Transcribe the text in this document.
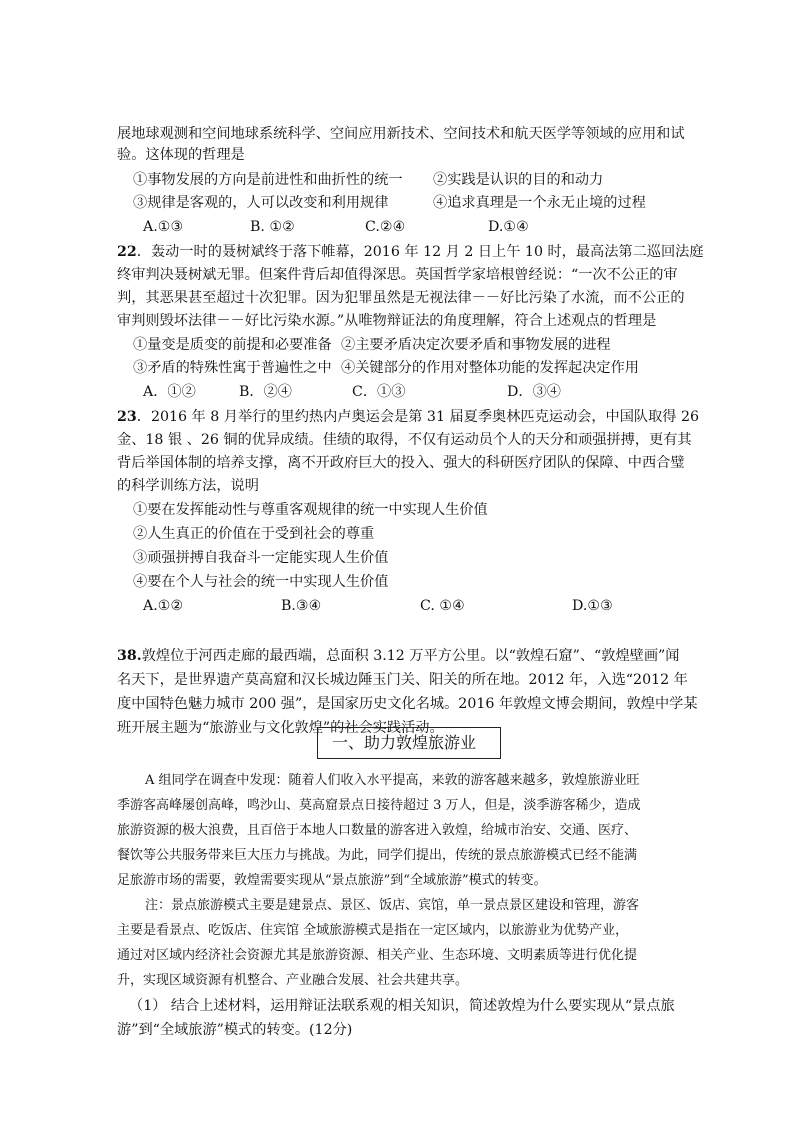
展地球观测和空间地球系统科学、空间应用新技术、空间技术和航天医学等领域的应用和试
验。这体现的哲理是
①事物发展的方向是前进性和曲折性的统一 ②实践是认识的目的和动力
③规律是客观的，人可以改变和利用规律	④追求真理是一个永无止境的过程
A.①③	B. ①②	C.②④	D.①④
22．轰动一时的聂树斌终于落下帷幕，2016 年 12 月 2 日上午 10 时，最高法第二巡回法庭
终审判决聂树斌无罪。但案件背后却值得深思。英国哲学家培根曾经说：“一次不公正的审
判，其恶果甚至超过十次犯罪。因为犯罪虽然是无视法律－－好比污染了水流，而不公正的
审判则毁坏法律－－好比污染水源。”从唯物辩证法的角度理解，符合上述观点的哲理是
①量变是质变的前提和必要准备 ②主要矛盾决定次要矛盾和事物发展的进程
③矛盾的特殊性寓于普遍性之中 ④关键部分的作用对整体功能的发挥起决定作用
A．①②	B．②④	C．①③	D．③④
23．2016 年 8 月举行的里约热内卢奥运会是第 31 届夏季奥林匹克运动会，中国队取得 26
金、18 银 、26 铜的优异成绩。佳绩的取得，不仅有运动员个人的天分和顽强拼搏，更有其
背后举国体制的培养支撑，离不开政府巨大的投入、强大的科研医疗团队的保障、中西合璧
的科学训练方法，说明
①要在发挥能动性与尊重客观规律的统一中实现人生价值
②人生真正的价值在于受到社会的尊重
③顽强拼搏自我奋斗一定能实现人生价值
④要在个人与社会的统一中实现人生价值
A.①②	B.③④	C. ①④	D.①③
38.敦煌位于河西走廊的最西端，总面积 3.12 万平方公里。以“敦煌石窟”、“敦煌壁画”闻
名天下，是世界遗产莫高窟和汉长城边陲玉门关、阳关的所在地。2012 年，入选“2012 年
度中国特色魅力城市 200 强”，是国家历史文化名城。2016 年敦煌文博会期间，敦煌中学某
班开展主题为“旅游业与文化敦煌”的社会实践活动。
一、助力敦煌旅游业
A 组同学在调查中发现：随着人们收入水平提高，来敦的游客越来越多，敦煌旅游业旺
季游客高峰屡创高峰，鸣沙山、莫高窟景点日接待超过 3 万人，但是，淡季游客稀少，造成
旅游资源的极大浪费，且百倍于本地人口数量的游客进入敦煌，给城市治安、交通、医疗、
餐饮等公共服务带来巨大压力与挑战。为此，同学们提出，传统的景点旅游模式已经不能满
足旅游市场的需要，敦煌需要实现从“景点旅游”到“全域旅游”模式的转变。
注：景点旅游模式主要是建景点、景区、饭店、宾馆，单一景点景区建设和管理，游客
主要是看景点、吃饭店、住宾馆 全域旅游模式是指在一定区域内，以旅游业为优势产业，
通过对区域内经济社会资源尤其是旅游资源、相关产业、生态环境、文明素质等进行优化提
升，实现区域资源有机整合、产业融合发展、社会共建共享。
（1） 结合上述材料，运用辩证法联系观的相关知识，简述敦煌为什么要实现从“景点旅
游”到“全域旅游”模式的转变。(12分)
